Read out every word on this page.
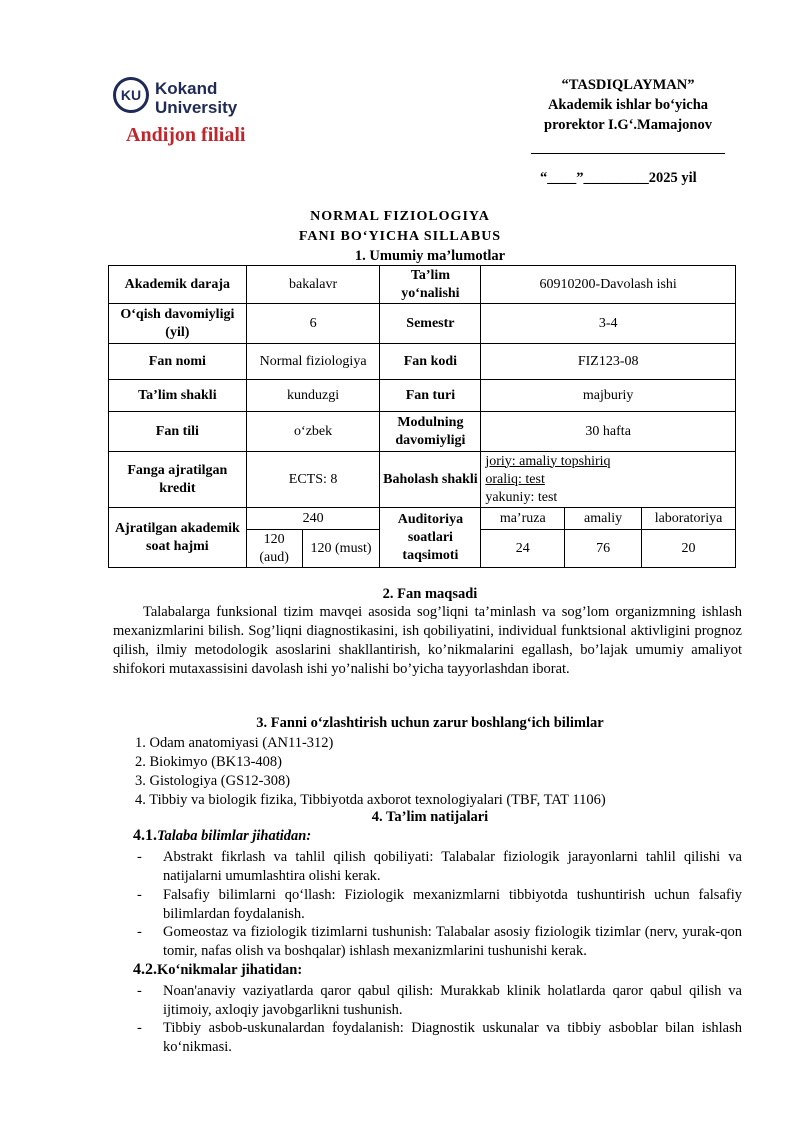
KU Kokand
University
Andijon filiali
“TASDIQLAYMAN”
Akademik ishlar bo‘yicha
prorektor I.G‘.Mamajonov
“____”_________2025 yil
NORMAL FIZIOLOGIYA
FANI BO‘YICHA SILLABUS
1. Umumiy ma’lumotlar
Akademik daraja	bakalavr		Ta’lim yo‘nalishi	60910200-Davolash ishi		
O‘qish davomiyligi (yil)	6		Semestr	3-4		
Fan nomi	Normal fiziologiya		Fan kodi	FIZ123-08		
Ta’lim shakli	kunduzgi		Fan turi	majburiy		
Fan tili	o‘zbek		Modulning davomiyligi	30 hafta		
Fanga ajratilgan kredit	ECTS: 8		Baholash shakli	joriy: amaliy topshiriq
oraliq: test
yakuniy: test		

Ajratilgan akademik soat hajmi	240		Auditoriya soatlari taqsimoti	ma’ruza	amaliy	laboratoriya
	120 (aud)	120 (must)		24	76	20
2. Fan maqsadi
Talabalarga funksional tizim mavqei asosida sog’liqni ta’minlash va sog’lom organizmning ishlash mexanizmlarini bilish. Sog’liqni diagnostikasini, ish qobiliyatini, individual funktsional aktivligini prognoz qilish, ilmiy metodologik asoslarini shakllantirish, ko’nikmalarini egallash, bo’lajak umumiy amaliyot shifokori mutaxassisini davolash ishi yo’nalishi bo’yicha tayyorlashdan iborat.
3. Fanni o‘zlashtirish uchun zarur boshlang‘ich bilimlar
1. Odam anatomiyasi (AN11-312)
2. Biokimyo (BK13-408)
3. Gistologiya (GS12-308)
4. Tibbiy va biologik fizika, Tibbiyotda axborot texnologiyalari (TBF, TAT 1106)
4. Ta’lim natijalari
4.1.Talaba bilimlar jihatidan:
- Abstrakt fikrlash va tahlil qilish qobiliyati: Talabalar fiziologik jarayonlarni tahlil qilishi va natijalarni umumlashtira olishi kerak.
- Falsafiy bilimlarni qo‘llash: Fiziologik mexanizmlarni tibbiyotda tushuntirish uchun falsafiy bilimlardan foydalanish.
- Gomeostaz va fiziologik tizimlarni tushunish: Talabalar asosiy fiziologik tizimlar (nerv, yurak-qon tomir, nafas olish va boshqalar) ishlash mexanizmlarini tushunishi kerak.
4.2.Ko‘nikmalar jihatidan:
- Noan'anaviy vaziyatlarda qaror qabul qilish: Murakkab klinik holatlarda qaror qabul qilish va ijtimoiy, axloqiy javobgarlikni tushunish.
- Tibbiy asbob-uskunalardan foydalanish: Diagnostik uskunalar va tibbiy asboblar bilan ishlash ko‘nikmasi.
